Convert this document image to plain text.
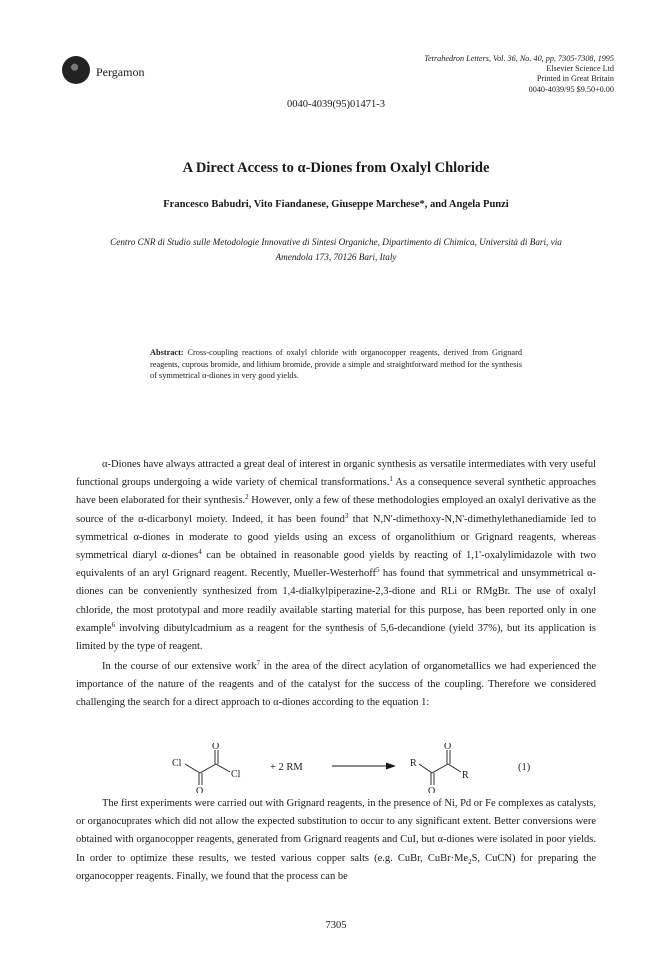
Pergamon
Tetrahedron Letters, Vol. 36, No. 40, pp. 7305-7308, 1995
Elsevier Science Ltd
Printed in Great Britain
0040-4039/95 $9.50+0.00
0040-4039(95)01471-3
A Direct Access to α-Diones from Oxalyl Chloride
Francesco Babudri, Vito Fiandanese, Giuseppe Marchese*, and Angela Punzi
Centro CNR di Studio sulle Metodologie Innovative di Sintesi Organiche, Dipartimento di Chimica, Università di Bari, via Amendola 173, 70126 Bari, Italy
Abstract: Cross-coupling reactions of oxalyl chloride with organocopper reagents, derived from Grignard reagents, cuprous bromide, and lithium bromide, provide a simple and straightforward method for the synthesis of symmetrical α-diones in very good yields.

α-Diones have always attracted a great deal of interest in organic synthesis as versatile intermediates with very useful functional groups undergoing a wide variety of chemical transformations.$^1$ As a consequence several synthetic approaches have been elaborated for their synthesis.$^2$ However, only a few of these methodologies employed an oxalyl derivative as the source of the α-dicarbonyl moiety. Indeed, it has been found$^3$ that N,N'-dimethoxy-N,N'-dimethylethanediamide led to symmetrical α-diones in moderate to good yields using an excess of organolithium or Grignard reagents, whereas symmetrical diaryl α-diones$^4$ can be obtained in reasonable good yields by reacting of 1,1'-oxalylimidazole with two equivalents of an aryl Grignard reagent. Recently, Mueller-Westerhoff$^5$ has found that symmetrical and unsymmetrical α-diones can be conveniently synthesized from 1,4-dialkylpiperazine-2,3-dione and RLi or RMgBr. The use of oxalyl chloride, the most prototypal and more readily available starting material for this purpose, has been reported only in one example$^6$ involving dibutylcadmium as a reagent for the synthesis of 5,6-decandione (yield 37%), but its application is limited by the type of reagent.

In the course of our extensive work$^7$ in the area of the direct acylation of organometallics we had experienced the importance of the nature of the reagents and of the catalyst for the success of the coupling. Therefore we considered challenging the search for a direct approach to α-diones according to the equation 1:

Cl
O
O
Cl
+ 2 RM	R
O
O
R
(1)

The first experiments were carried out with Grignard reagents, in the presence of Ni, Pd or Fe complexes as catalysts, or organocuprates which did not allow the expected substitution to occur to any significant extent. Better conversions were obtained with organocopper reagents, generated from Grignard reagents and CuI, but α-diones were isolated in poor yields. In order to optimize these results, we tested various copper salts (e.g. CuBr, $CuBr\cdot Me_2S$, CuCN) for preparing the organocopper reagents. Finally, we found that the process can be

7305
